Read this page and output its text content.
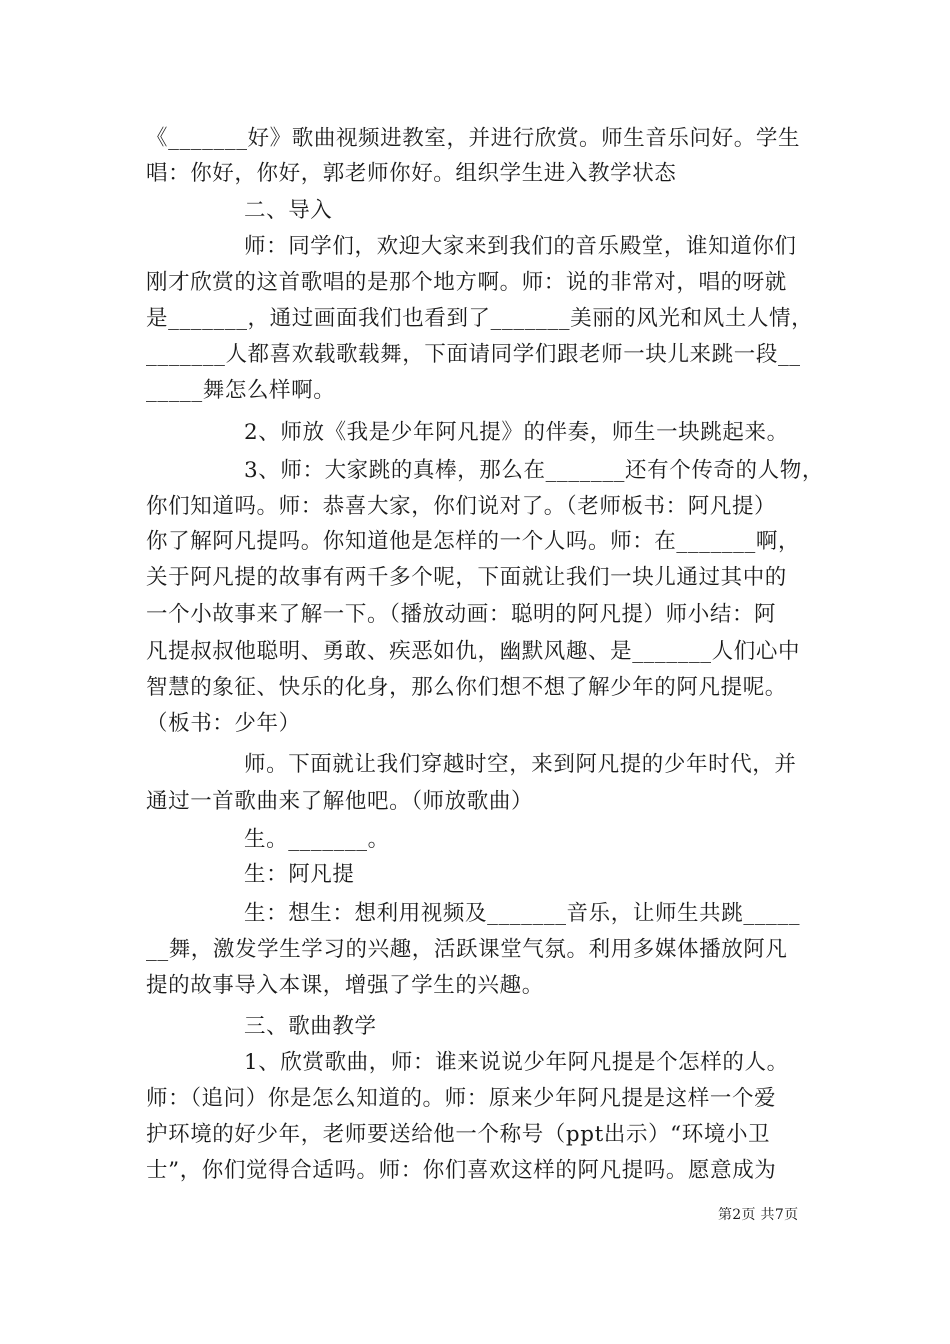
《_______好》歌曲视频进教室，并进行欣赏。师生音乐问好。学生
唱：你好，你好，郭老师你好。组织学生进入教学状态
二、导入
师：同学们，欢迎大家来到我们的音乐殿堂，谁知道你们
刚才欣赏的这首歌唱的是那个地方啊。师：说的非常对，唱的呀就
是_______，通过画面我们也看到了_______美丽的风光和风土人情，
_______人都喜欢载歌载舞，下面请同学们跟老师一块儿来跳一段__
_____舞怎么样啊。
2、师放《我是少年阿凡提》的伴奏，师生一块跳起来。
3、师：大家跳的真棒，那么在_______还有个传奇的人物，
你们知道吗。师：恭喜大家，你们说对了。（老师板书：阿凡提）
你了解阿凡提吗。你知道他是怎样的一个人吗。师：在_______啊，
关于阿凡提的故事有两千多个呢，下面就让我们一块儿通过其中的
一个小故事来了解一下。（播放动画：聪明的阿凡提）师小结：阿
凡提叔叔他聪明、勇敢、疾恶如仇，幽默风趣、是_______人们心中
智慧的象征、快乐的化身，那么你们想不想了解少年的阿凡提呢。
（板书：少年）
师。下面就让我们穿越时空，来到阿凡提的少年时代，并
通过一首歌曲来了解他吧。（师放歌曲）
生。_______。
生：阿凡提
生：想生：想利用视频及_______音乐，让师生共跳_____
__舞，激发学生学习的兴趣，活跃课堂气氛。利用多媒体播放阿凡
提的故事导入本课，增强了学生的兴趣。
三、歌曲教学
1、欣赏歌曲，师：谁来说说少年阿凡提是个怎样的人。
师：（追问）你是怎么知道的。师：原来少年阿凡提是这样一个爱
护环境的好少年，老师要送给他一个称号（ppt出示）“环境小卫
士”，你们觉得合适吗。师：你们喜欢这样的阿凡提吗。愿意成为
第2页 共7页
